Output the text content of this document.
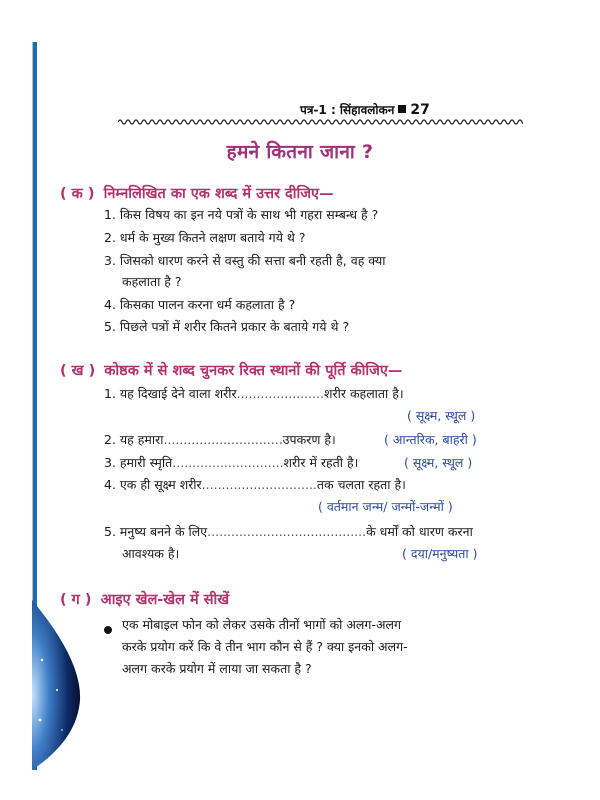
पत्र-1 : सिंहावलोकन 27
हमने कितना जाना ?
( क ) निम्नलिखित का एक शब्द में उत्तर दीजिए—
1. किस विषय का इन नये पत्रों के साथ भी गहरा सम्बन्ध है ?
2. धर्म के मुख्य कितने लक्षण बताये गये थे ?
3. जिसको धारण करने से वस्तु की सत्ता बनी रहती है, वह क्या
कहलाता है ?
4. किसका पालन करना धर्म कहलाता है ?
5. पिछले पत्रों में शरीर कितने प्रकार के बताये गये थे ?
( ख ) कोष्ठक में से शब्द चुनकर रिक्त स्थानों की पूर्ति कीजिए—
1. यह दिखाई देने वाला शरीर......................शरीर कहलाता है।
( सूक्ष्म, स्थूल )
2. यह हमारा..............................उपकरण है।	( आन्तरिक, बाहरी )
3. हमारी स्मृति............................शरीर में रहती है।	( सूक्ष्म, स्थूल )
4. एक ही सूक्ष्म शरीर.............................तक चलता रहता है।
( वर्तमान जन्म/ जन्मों-जन्मों )
5. मनुष्य बनने के लिए........................................के धर्मों को धारण करना
आवश्यक है।	( दया/मनुष्यता )
( ग ) आइए खेल-खेल में सीखें
एक मोबाइल फोन को लेकर उसके तीनों भागों को अलग-अलग
करके प्रयोग करें कि वे तीन भाग कौन से हैं ? क्या इनको अलग-
अलग करके प्रयोग में लाया जा सकता है ?
